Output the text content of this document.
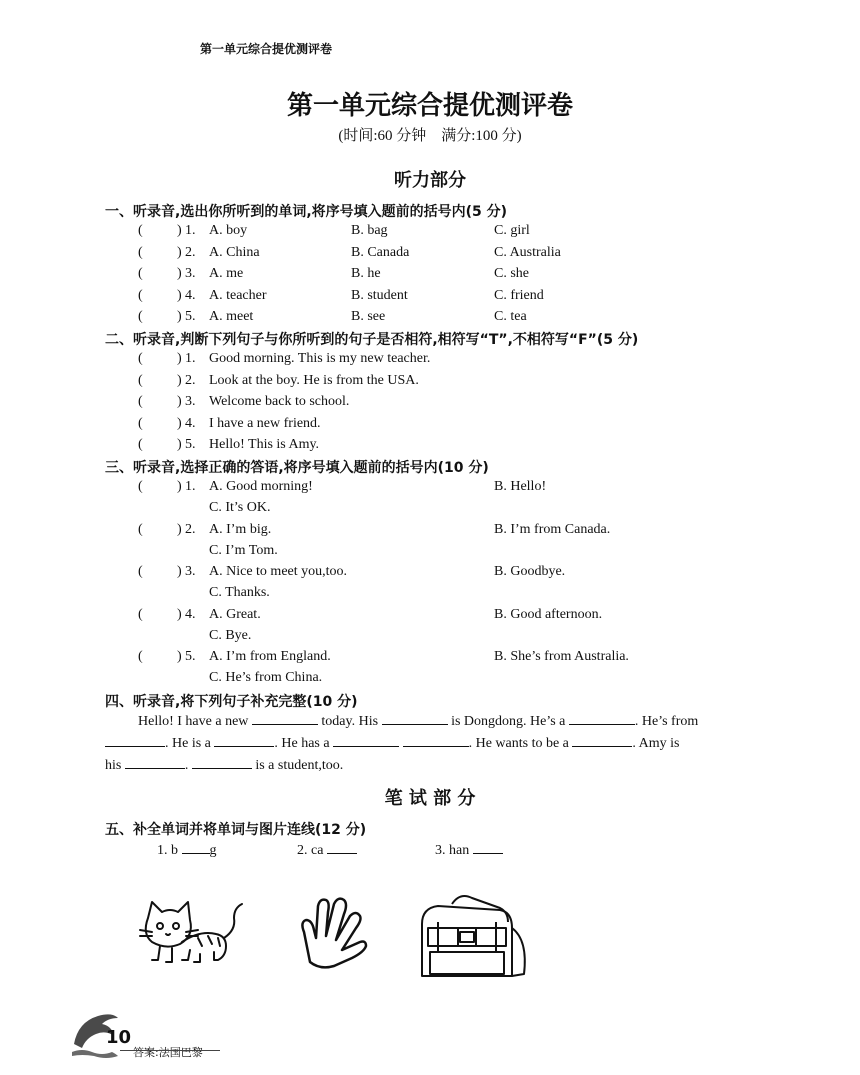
第一单元综合提优测评卷
第一单元综合提优测评卷
(时间:60 分钟　满分:100 分)
听力部分
一、听录音,选出你所听到的单词,将序号填入题前的括号内(5 分)
( ) 1. A. boy	B. bag	C. girl
( ) 2. A. China	B. Canada	C. Australia
( ) 3. A. me	B. he	C. she
( ) 4. A. teacher	B. student	C. friend
( ) 5. A. meet	B. see	C. tea
二、听录音,判断下列句子与你所听到的句子是否相符,相符写“T”,不相符写“F”(5 分)
( ) 1. Good morning. This is my new teacher.
( ) 2. Look at the boy. He is from the USA.
( ) 3. Welcome back to school.
( ) 4. I have a new friend.
( ) 5. Hello! This is Amy.
三、听录音,选择正确的答语,将序号填入题前的括号内(10 分)
( ) 1. A. Good morning!	B. Hello!
C. It’s OK.
( ) 2. A. I’m big.	B. I’m from Canada.
C. I’m Tom.
( ) 3. A. Nice to meet you,too.	B. Goodbye.
C. Thanks.
( ) 4. A. Great.	B. Good afternoon.
C. Bye.
( ) 5. A. I’m from England.	B. She’s from Australia.
C. He’s from China.
四、听录音,将下列句子补充完整(10 分)
Hello! I have a new	today. His	is Dongdong. He’s a	. He’s from
. He is a	. He has a	. He wants to be a	. Amy is
his	.	is a student,too.
笔 试 部 分
五、补全单词并将单词与图片连线(12 分)
1. b g	2. ca	3. han
10
答案:法国巴黎
